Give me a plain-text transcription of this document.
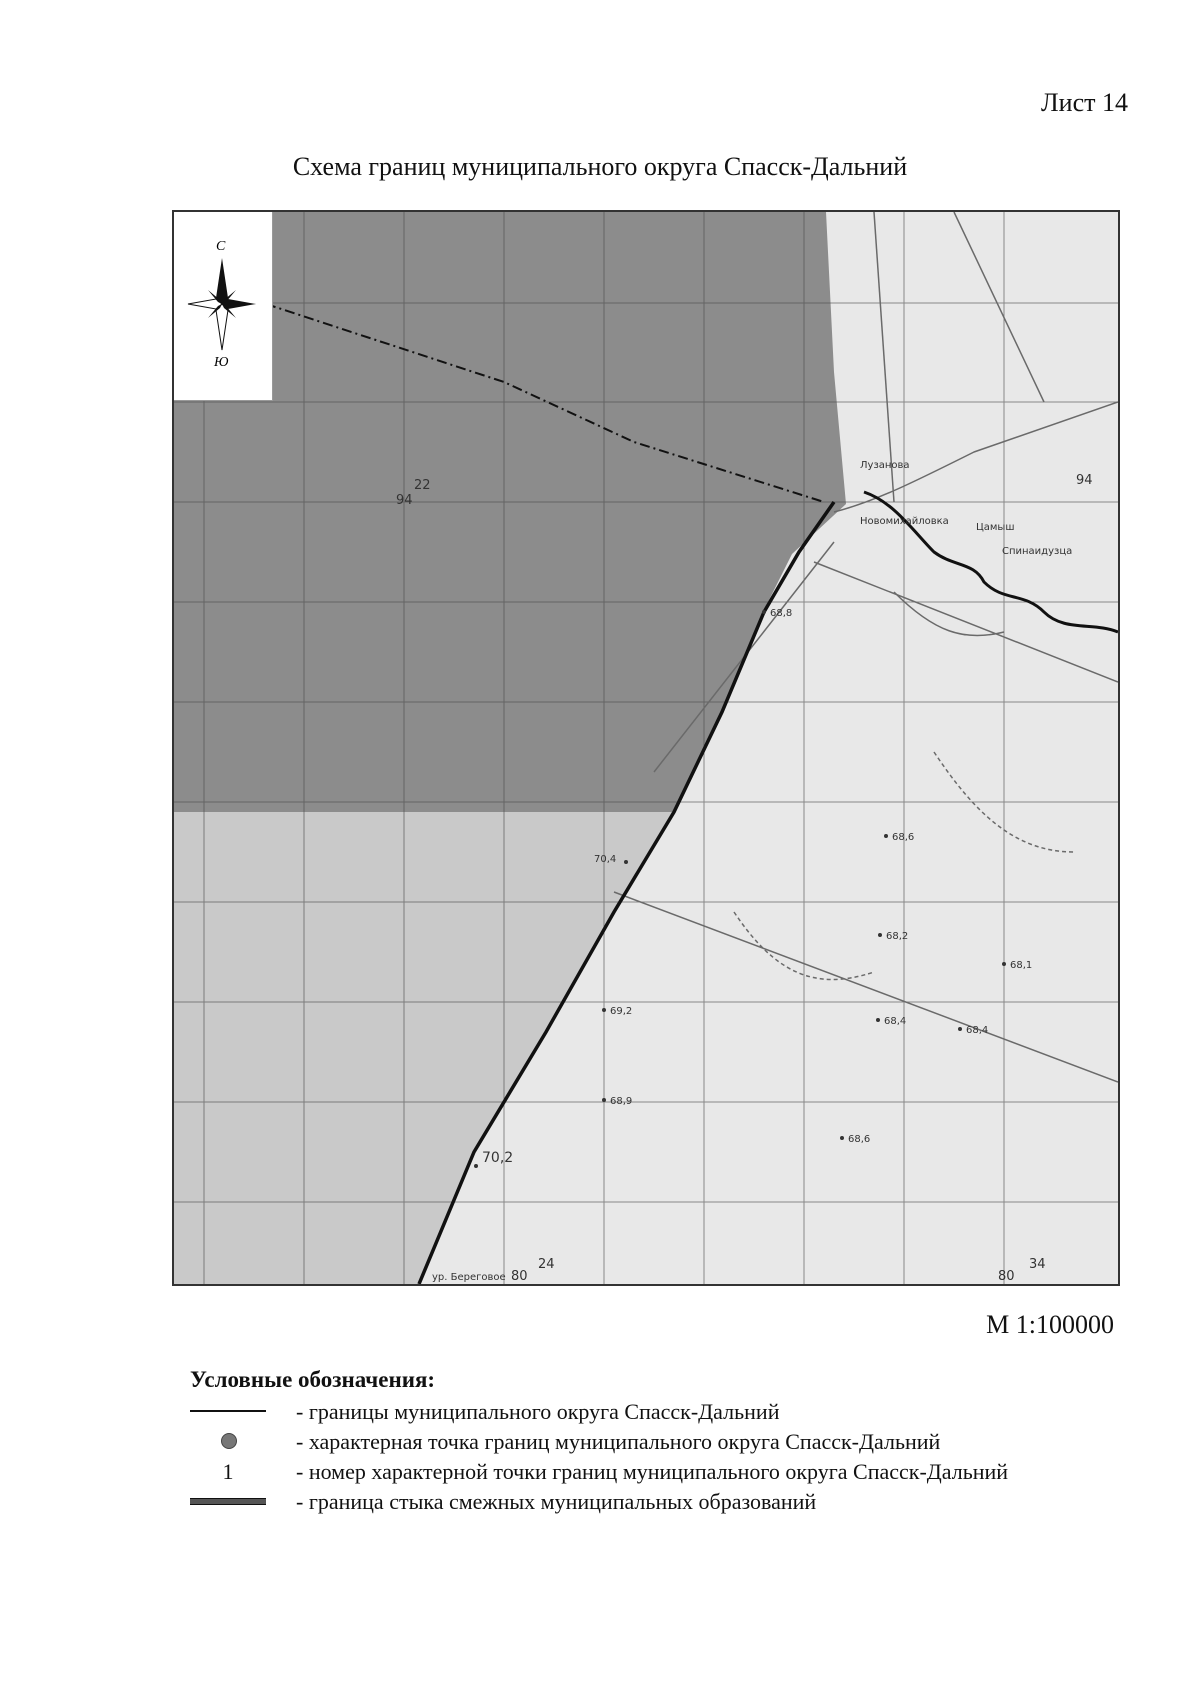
Лист 14
Схема границ муниципального округа Спасск-Дальний
22
94
94
24
80	80
34
Лузанова
Новомихайловка
Цамыш
Спинаидузца
ур. Береговое
68,8
70,4
69,2
68,9
70,2
68,2
68,4
68,4
68,1
68,6
68,6
С
Ю
М 1:100000
Условные обозначения:
- границы муниципального округа Спасск-Дальний
- характерная точка границ муниципального округа Спасск-Дальний
1	- номер характерной точки границ муниципального округа Спасск-Дальний
- граница стыка смежных муниципальных образований
